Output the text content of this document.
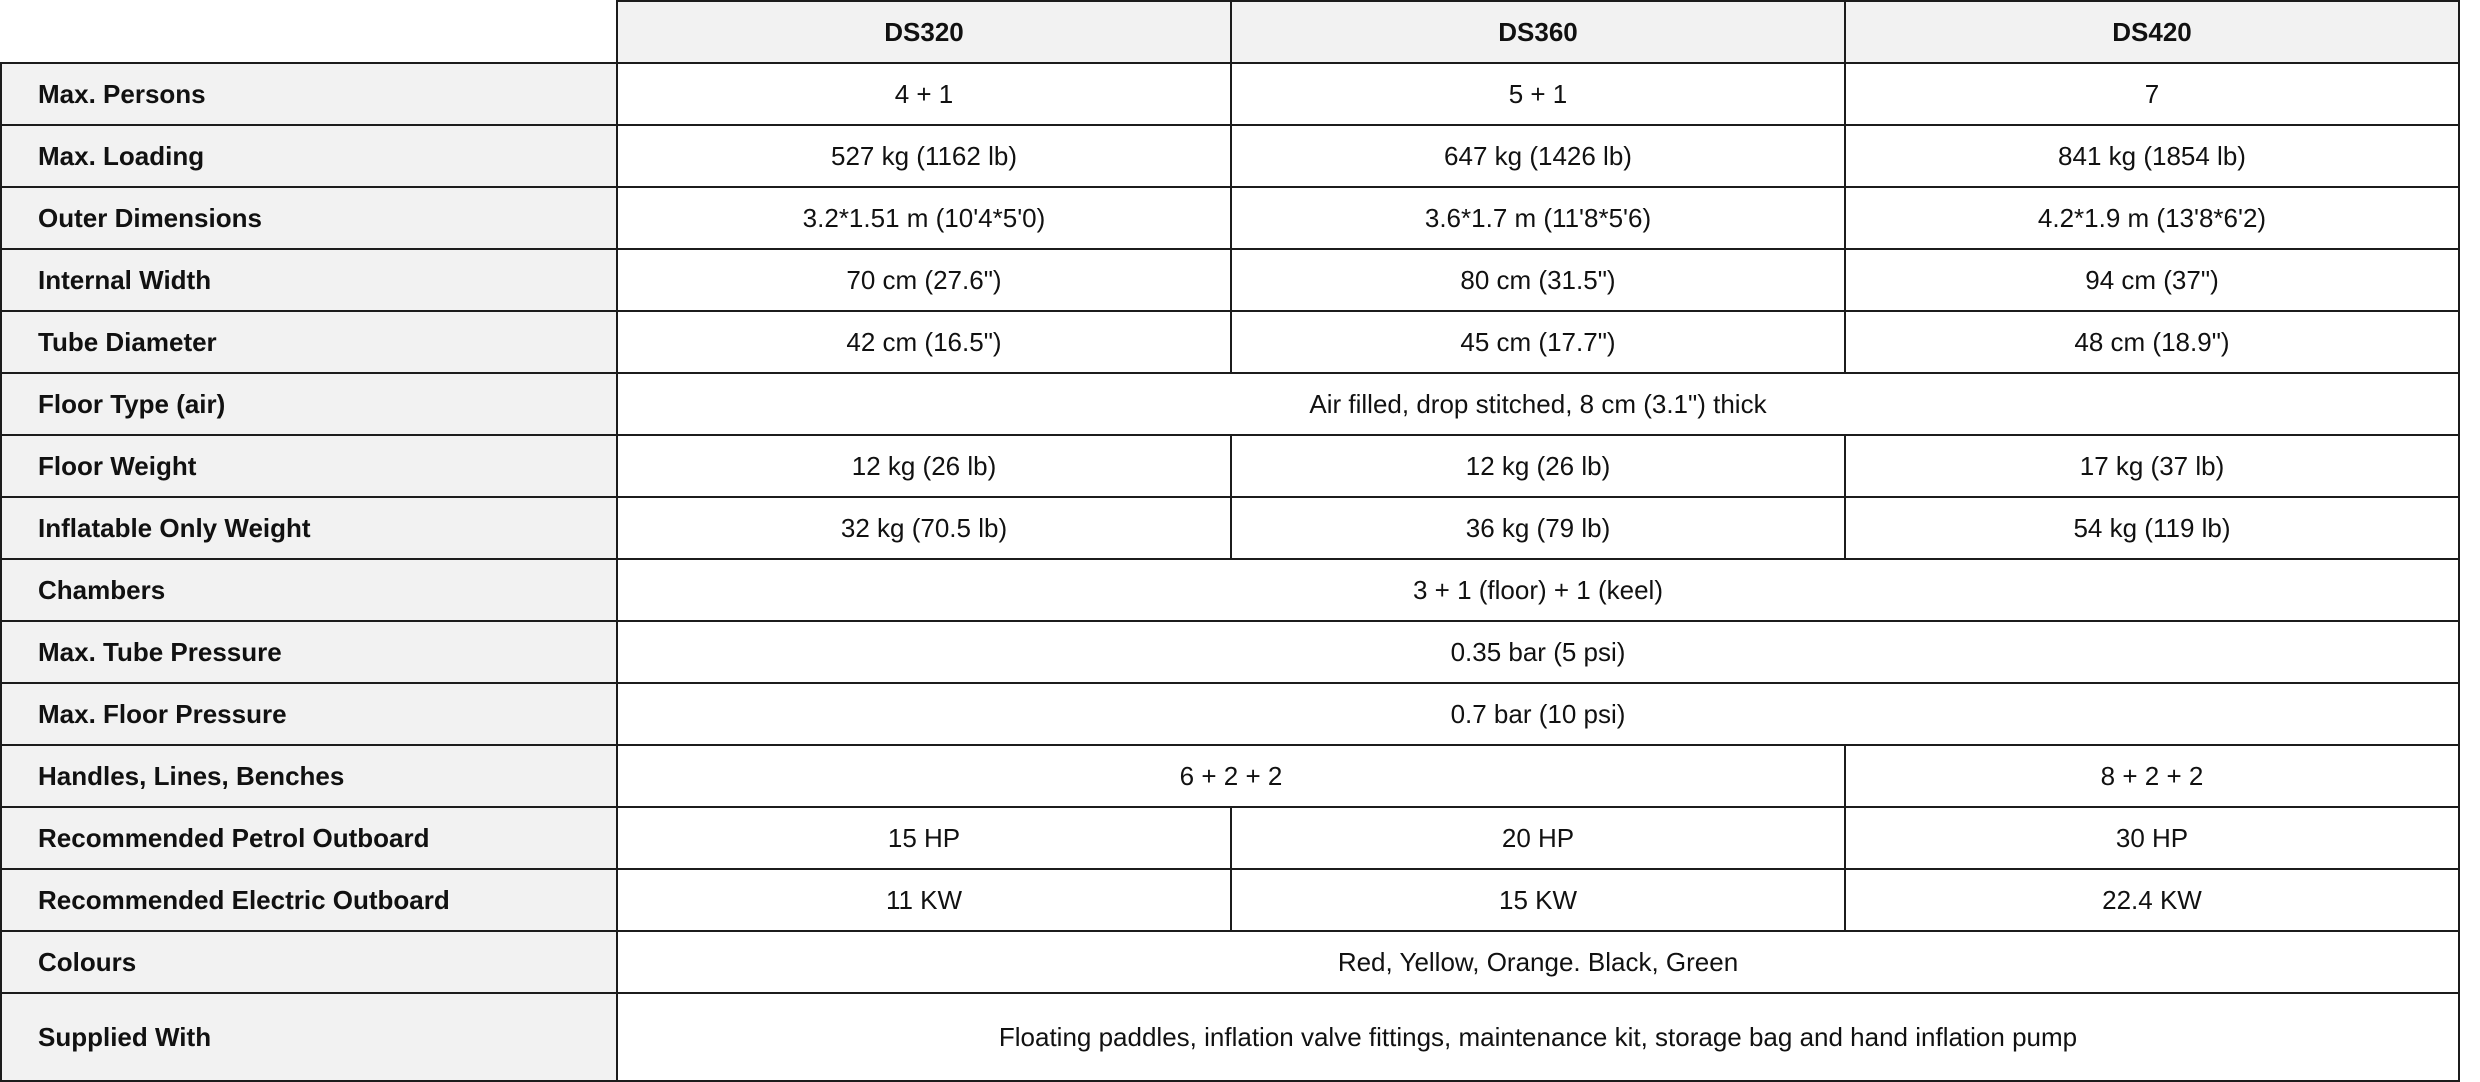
	DS320	DS360	DS420
Max. Persons	4 + 1	5 + 1	7
Max. Loading	527 kg (1162 lb)	647 kg (1426 lb)	841 kg (1854 lb)
Outer Dimensions	3.2*1.51 m (10'4*5'0)	3.6*1.7 m (11'8*5'6)	4.2*1.9 m (13'8*6'2)
Internal Width	70 cm (27.6")	80 cm (31.5")	94 cm (37")
Tube Diameter	42 cm (16.5")	45 cm (17.7")	48 cm (18.9")
Floor Type (air)	Air filled, drop stitched, 8 cm (3.1") thick		
Floor Weight	12 kg (26 lb)	12 kg (26 lb)	17 kg (37 lb)
Inflatable Only Weight	32 kg (70.5 lb)	36 kg (79 lb)	54 kg (119 lb)
Chambers	3 + 1 (floor) + 1 (keel)		
Max. Tube Pressure	0.35 bar (5 psi)		
Max. Floor Pressure	0.7 bar (10 psi)		
Handles, Lines, Benches	6 + 2 + 2		8 + 2 + 2
Recommended Petrol Outboard	15 HP	20 HP	30 HP
Recommended Electric Outboard	11 KW	15 KW	22.4 KW
Colours	Red, Yellow, Orange. Black, Green		
Supplied With	Floating paddles, inflation valve fittings, maintenance kit, storage bag and hand inflation pump		
